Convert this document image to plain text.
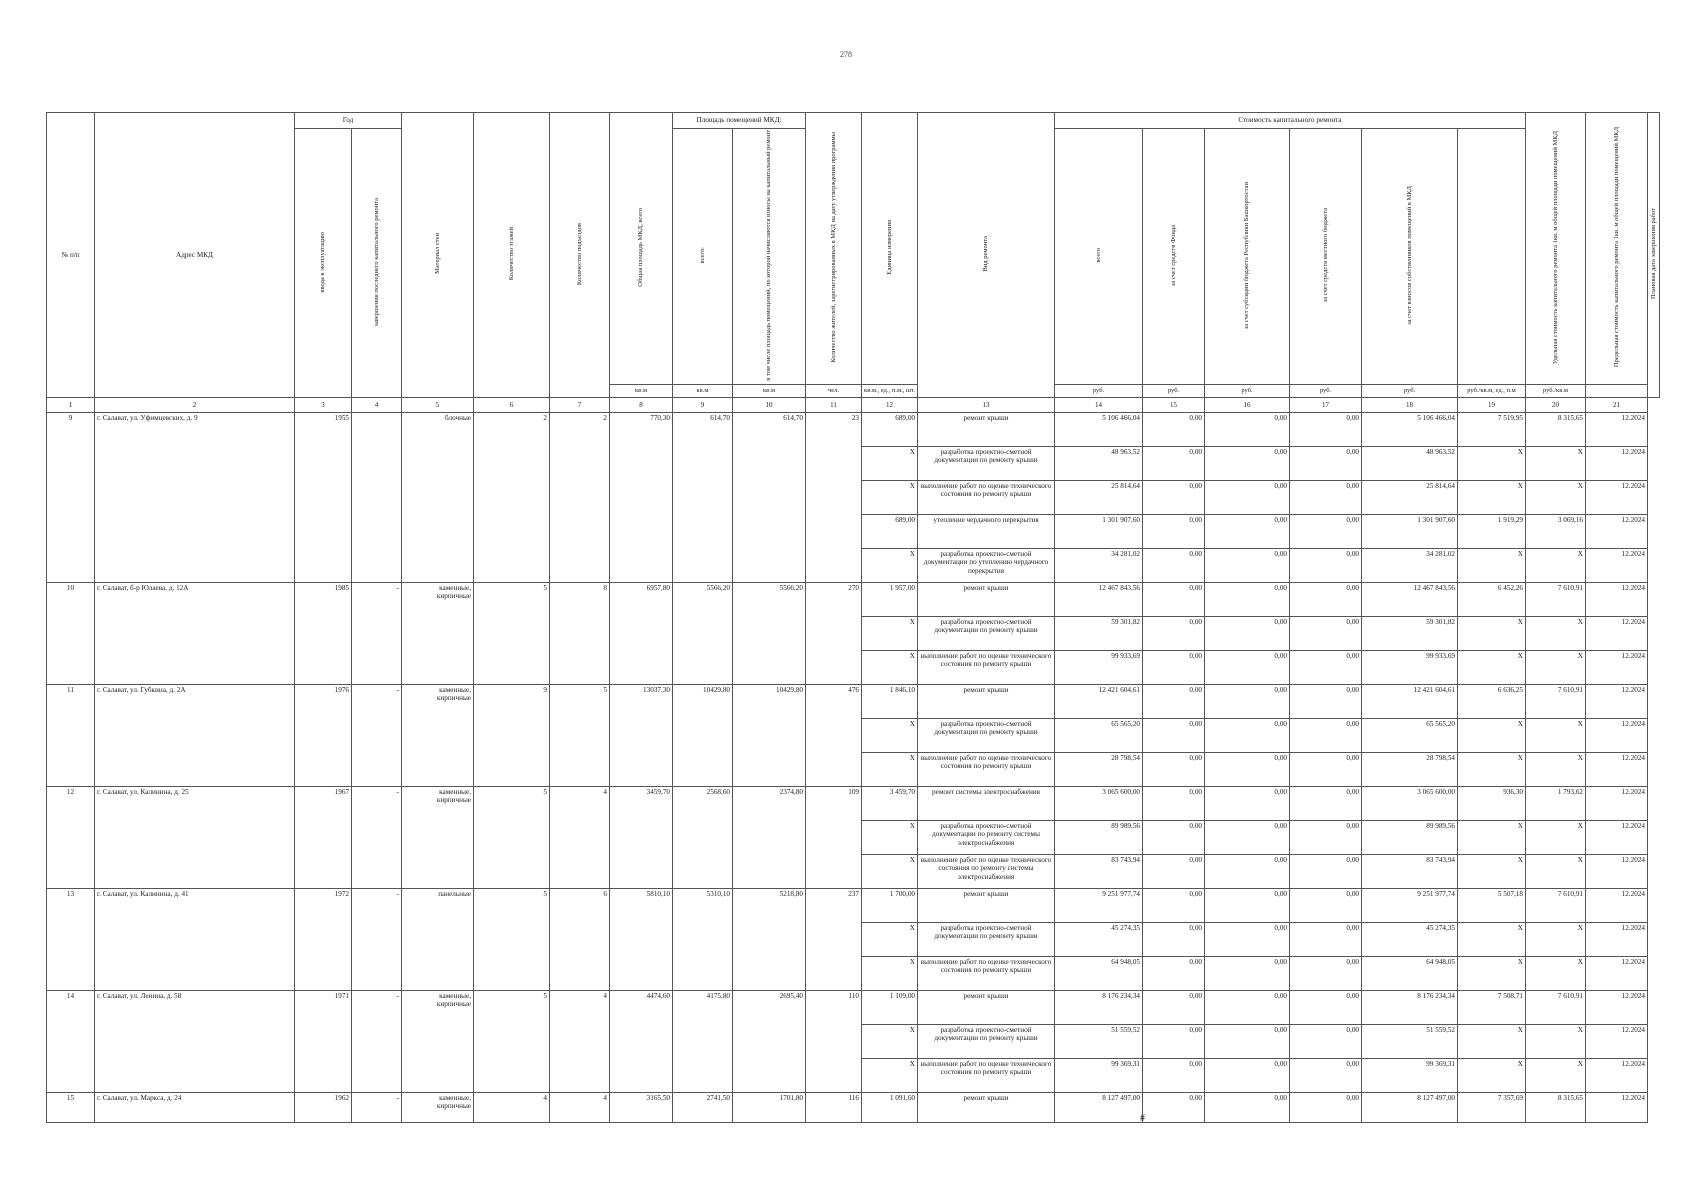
278
№ п/п	Адрес МКД	Год		Материал стен	Количество этажей	Количество подъездов	Общая площадь МКД, всего	Площадь помещений МКД:		Количество жителей, зарегистрированных в МКД на дату утверждения программы	Единица измерения	Вид ремонта	Стоимость капитального ремонта						Удельная стоимость капитального ремонта 1кв. м общей площади помещений МКД	Предельная стоимость капитального ремонта 1кв. м общей площади помещений МКД	Плановая дата завершения работ
		ввода в эксплуатацию	завершения последнего капитального ремонта					всего:	в том числе площадь помещений, по которой начисляются взносы на капитальный ремонт				всего	за счет средств Фонда	за счет субсидии бюджета Республики Башкортостан	за счет средств местного бюджета	за счет взносов собственников помещений в МКД			
							кв.м	кв.м	кв.м	чел.	кв.м., ед., п.м., шт.		руб.	руб.	руб.	руб.	руб.	руб./кв.м, ед., п.м	руб./кв.м		
1	2	3	4	5	6	7	8	9	10	11	12	13	14	15	16	17	18	19	20	21	
9	г. Салават, ул. Уфимцевских, д. 9	1955		блочные	2	2	770,30	614,70	614,70	23	689,00	ремонт крыши	5 106 466,04	0,00	0,00	0,00	5 106 466,04	7 519,95	8 315,65	12.2024	
											X	разработка проектно-сметной документации по ремонту крыши	48 963,52	0,00	0,00	0,00	48 963,52	X	X	12.2024	
											X	выполнение работ по оценке технического состояния по ремонту крыши	25 814,64	0,00	0,00	0,00	25 814,64	X	X	12.2024	
											689,00	утепление чердачного перекрытия	1 301 907,60	0,00	0,00	0,00	1 301 907,60	1 919,29	3 069,16	12.2024	
											X	разработка проектно-сметной документации по утеплению чердачного перекрытия	34 281,02	0,00	0,00	0,00	34 281,02	X	X	12.2024	
10	г. Салават, б-р Юлаева, д. 12А	1985	-	каменные, кирпичные	5	8	6957,80	5566,20	5566,20	270	1 957,00	ремонт крыши	12 467 843,56	0,00	0,00	0,00	12 467 843,56	6 452,26	7 610,91	12.2024	
											X	разработка проектно-сметной документации по ремонту крыши	59 301,82	0,00	0,00	0,00	59 301,82	X	X	12.2024	
											X	выполнение работ по оценке технического состояния по ремонту крыши	99 933,69	0,00	0,00	0,00	99 933,69	X	X	12.2024	
11	г. Салават, ул. Губкина, д. 2А	1976	-	каменные, кирпичные	9	5	13037,30	10429,80	10429,80	476	1 846,10	ремонт крыши	12 421 604,61	0,00	0,00	0,00	12 421 604,61	6 636,25	7 610,91	12.2024	
											X	разработка проектно-сметной документации по ремонту крыши	65 565,20	0,00	0,00	0,00	65 565,20	X	X	12.2024	
											X	выполнение работ по оценке технического состояния по ремонту крыши	28 798,54	0,00	0,00	0,00	28 798,54	X	X	12.2024	
12	г. Салават, ул. Калинина, д. 25	1967	-	каменные, кирпичные	5	4	3459,70	2568,60	2374,80	109	3 459,70	ремонт системы электроснабжения	3 065 600,00	0,00	0,00	0,00	3 065 600,00	936,30	1 793,62	12.2024	
											X	разработка проектно-сметной документации по ремонту системы электроснабжения	89 989,56	0,00	0,00	0,00	89 989,56	X	X	12.2024	
											X	выполнение работ по оценке технического состояния по ремонту системы электроснабжения	83 743,94	0,00	0,00	0,00	83 743,94	X	X	12.2024	
13	г. Салават, ул. Калинина, д. 41	1972	-	панельные	5	6	5810,10	5310,10	5218,80	237	1 700,00	ремонт крыши	9 251 977,74	0,00	0,00	0,00	9 251 977,74	5 507,18	7 610,91	12.2024	
											X	разработка проектно-сметной документации по ремонту крыши	45 274,35	0,00	0,00	0,00	45 274,35	X	X	12.2024	
											X	выполнение работ по оценке технического состояния по ремонту крыши	64 948,05	0,00	0,00	0,00	64 948,05	X	X	12.2024	
14	г. Салават, ул. Ленина, д. 58	1971	-	каменные, кирпичные	5	4	4474,60	4175,80	2695,40	110	1 109,00	ремонт крыши	8 176 234,34	0,00	0,00	0,00	8 176 234,34	7 508,71	7 610,91	12.2024	
											X	разработка проектно-сметной документации по ремонту крыши	51 559,52	0,00	0,00	0,00	51 559,52	X	X	12.2024	
											X	выполнение работ по оценке технического состояния по ремонту крыши	99 369,31	0,00	0,00	0,00	99 369,31	X	X	12.2024	
15	г. Салават, ул. Маркса, д. 24	1962	-	каменные, кирпичные	4	4	3165,50	2741,50	1701,80	116	1 091,60	ремонт крыши	8 127 497,00	0,00	0,00	0,00	8 127 497,00	7 357,69	8 315,65	12.2024	
#
